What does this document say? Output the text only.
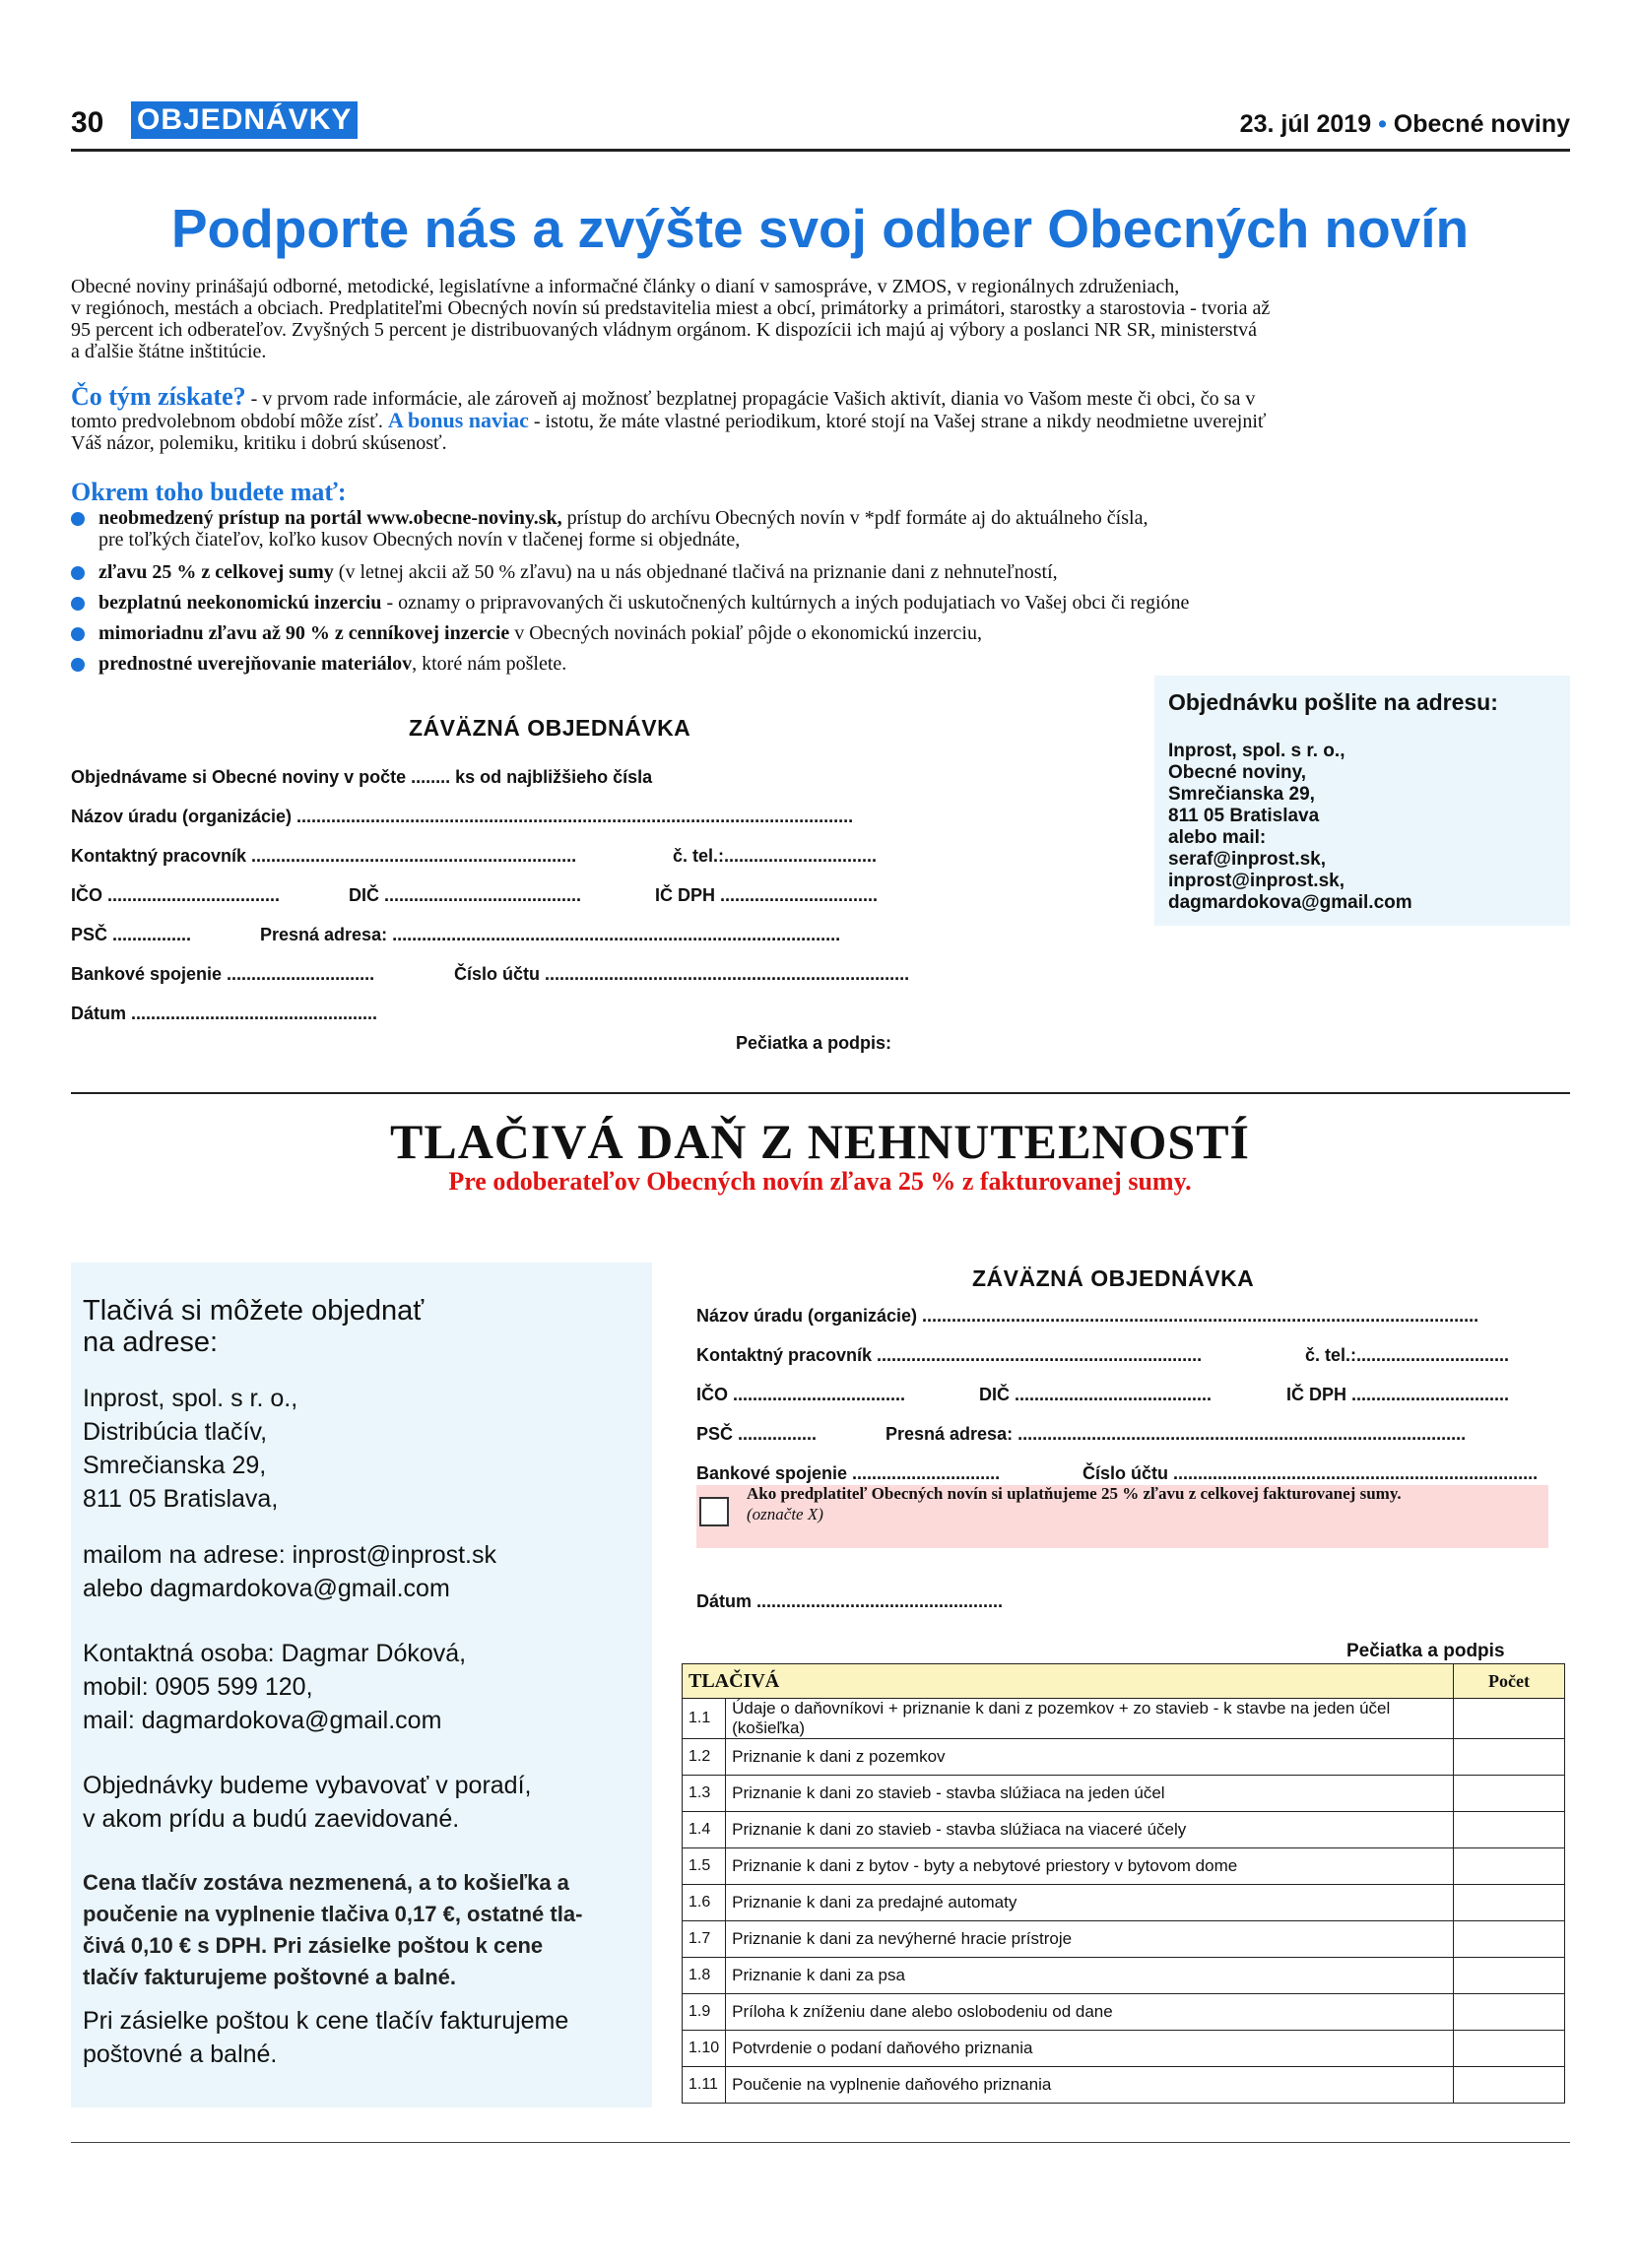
30 OBJEDNÁVKY	23. júl 2019 • Obecné noviny
Podporte nás a zvýšte svoj odber Obecných novín
Obecné noviny prinášajú odborné, metodické, legislatívne a informačné články o dianí v samospráve, v ZMOS, v regionálnych združeniach,
v regiónoch, mestách a obciach. Predplatiteľmi Obecných novín sú predstavitelia miest a obcí, primátorky a primátori, starostky a starostovia - tvoria až
95 percent ich odberateľov. Zvyšných 5 percent je distribuovaných vládnym orgánom. K dispozícii ich majú aj výbory a poslanci NR SR, ministerstvá
a ďalšie štátne inštitúcie.
Čo tým získate? - v prvom rade informácie, ale zároveň aj možnosť bezplatnej propagácie Vašich aktivít, diania vo Vašom meste či obci, čo sa v
tomto predvolebnom období môže zísť. A bonus naviac - istotu, že máte vlastné periodikum, ktoré stojí na Vašej strane a nikdy neodmietne uverejniť
Váš názor, polemiku, kritiku i dobrú skúsenosť.
Okrem toho budete mať:
neobmedzený prístup na portál www.obecne-noviny.sk, prístup do archívu Obecných novín v *pdf formáte aj do aktuálneho čísla,
pre toľkých čiateľov, koľko kusov Obecných novín v tlačenej forme si objednáte,
zľavu 25 % z celkovej sumy (v letnej akcii až 50 % zľavu) na u nás objednané tlačivá na priznanie dani z nehnuteľností,
bezplatnú neekonomickú inzerciu - oznamy o pripravovaných či uskutočnených kultúrnych a iných podujatiach vo Vašej obci či regióne
mimoriadnu zľavu až 90 % z cenníkovej inzercie v Obecných novinách pokiaľ pôjde o ekonomickú inzerciu,
prednostné uverejňovanie materiálov, ktoré nám pošlete.
ZÁVÄZNÁ OBJEDNÁVKA
Objednávame si Obecné noviny v počte ........ ks od najbližšieho čísla
Názov úradu (organizácie) .................................................................................................................
Kontaktný pracovník ..................................................................	č. tel.:...............................
IČO ...................................	DIČ ........................................	IČ DPH ................................
PSČ ................	Presná adresa: ...........................................................................................
Bankové spojenie ..............................	Číslo účtu ..........................................................................
Dátum ..................................................
Pečiatka a podpis:
Objednávku pošlite na adresu:
Inprost, spol. s r. o.,
Obecné noviny,
Smrečianska 29,
811 05 Bratislava
alebo mail:
seraf@inprost.sk,
inprost@inprost.sk,
dagmardokova@gmail.com
TLAČIVÁ DAŇ Z NEHNUTEĽNOSTÍ
Pre odoberateľov Obecných novín zľava 25 % z fakturovanej sumy.
Tlačivá si môžete objednať
na adrese:
Inprost, spol. s r. o.,
Distribúcia tlačív,
Smrečianska 29,
811 05 Bratislava,
mailom na adrese: inprost@inprost.sk
alebo dagmardokova@gmail.com
Kontaktná osoba: Dagmar Dóková,
mobil: 0905 599 120,
mail: dagmardokova@gmail.com
Objednávky budeme vybavovať v poradí,
v akom prídu a budú zaevidované.
Cena tlačív zostáva nezmenená, a to košieľka a
poučenie na vyplnenie tlačiva 0,17 €, ostatné tla-
čivá 0,10 € s DPH. Pri zásielke poštou k cene
tlačív fakturujeme poštovné a balné.
Pri zásielke poštou k cene tlačív fakturujeme
poštovné a balné.
ZÁVÄZNÁ OBJEDNÁVKA
Názov úradu (organizácie) .................................................................................................................
Kontaktný pracovník ..................................................................	č. tel.:...............................
IČO ...................................	DIČ ........................................	IČ DPH ................................
PSČ ................	Presná adresa: ...........................................................................................
Bankové spojenie ..............................	Číslo účtu ..........................................................................
Ako predplatiteľ Obecných novín si uplatňujeme 25 % zľavu z celkovej fakturovanej sumy.
(označte X)
Dátum ..................................................
Pečiatka a podpis
TLAČIVÁ		Počet
1.1	Údaje o daňovníkovi + priznanie k dani z pozemkov + zo stavieb - k stavbe na jeden účel (košieľka)	
1.2	Priznanie k dani z pozemkov	
1.3	Priznanie k dani zo stavieb - stavba slúžiaca na jeden účel	
1.4	Priznanie k dani zo stavieb - stavba slúžiaca na viaceré účely	
1.5	Priznanie k dani z bytov - byty a nebytové priestory v bytovom dome	
1.6	Priznanie k dani za predajné automaty	
1.7	Priznanie k dani za nevýherné hracie prístroje	
1.8	Priznanie k dani za psa	
1.9	Príloha k zníženiu dane alebo oslobodeniu od dane	
1.10	Potvrdenie o podaní daňového priznania	
1.11	Poučenie na vyplnenie daňového priznania	
